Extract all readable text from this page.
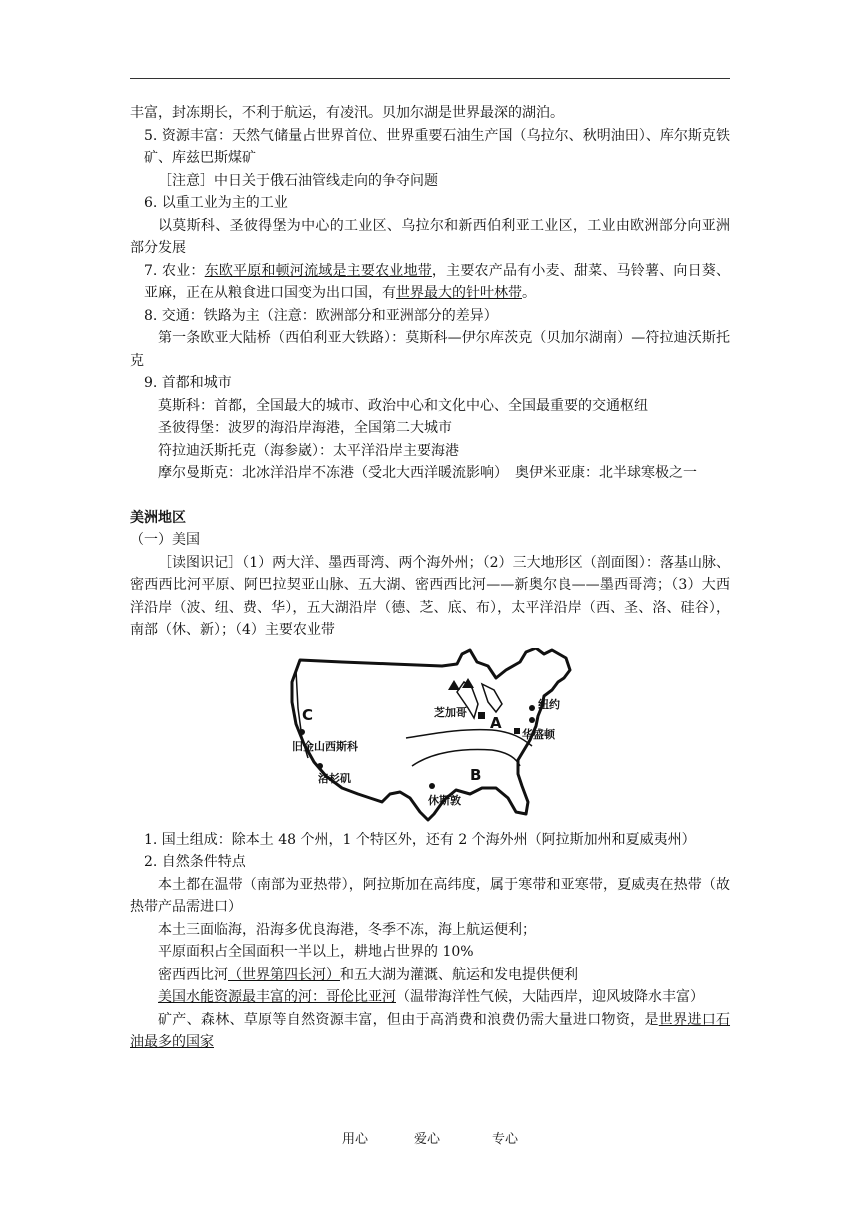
丰富，封冻期长，不利于航运，有凌汛。贝加尔湖是世界最深的湖泊。

5. 资源丰富：天然气储量占世界首位、世界重要石油生产国（乌拉尔、秋明油田）、库尔斯克铁矿、库兹巴斯煤矿

［注意］中日关于俄石油管线走向的争夺问题

6. 以重工业为主的工业

以莫斯科、圣彼得堡为中心的工业区、乌拉尔和新西伯利亚工业区，工业由欧洲部分向亚洲部分发展

7. 农业：东欧平原和顿河流域是主要农业地带，主要农产品有小麦、甜菜、马铃薯、向日葵、亚麻，正在从粮食进口国变为出口国，有世界最大的针叶林带。

8. 交通：铁路为主（注意：欧洲部分和亚洲部分的差异）

第一条欧亚大陆桥（西伯利亚大铁路）：莫斯科—伊尔库茨克（贝加尔湖南）—符拉迪沃斯托克

9. 首都和城市

莫斯科：首都，全国最大的城市、政治中心和文化中心、全国最重要的交通枢纽

圣彼得堡：波罗的海沿岸海港，全国第二大城市

符拉迪沃斯托克（海参崴）：太平洋沿岸主要海港

摩尔曼斯克：北冰洋沿岸不冻港（受北大西洋暖流影响）　奥伊米亚康：北半球寒极之一

美洲地区

（一）美国

［读图识记］（1）两大洋、墨西哥湾、两个海外州；（2）三大地形区（剖面图）：落基山脉、密西西比河平原、阿巴拉契亚山脉、五大湖、密西西比河——新奥尔良——墨西哥湾；（3）大西洋沿岸（波、纽、费、华），五大湖沿岸（德、芝、底、布），太平洋沿岸（西、圣、洛、硅谷），南部（休、新）；（4）主要农业带

C	A
B
芝加哥
纽约
华盛顿
旧金山西斯科
洛杉矶
休斯敦

1. 国土组成：除本土 48 个州，1 个特区外，还有 2 个海外州（阿拉斯加州和夏威夷州）

2. 自然条件特点

本土都在温带（南部为亚热带），阿拉斯加在高纬度，属于寒带和亚寒带，夏威夷在热带（故热带产品需进口）

本土三面临海，沿海多优良海港，冬季不冻，海上航运便利；

平原面积占全国面积一半以上，耕地占世界的 10%

密西西比河（世界第四长河）和五大湖为灌溉、航运和发电提供便利

美国水能资源最丰富的河：哥伦比亚河（温带海洋性气候，大陆西岸，迎风坡降水丰富）

矿产、森林、草原等自然资源丰富，但由于高消费和浪费仍需大量进口物资，是世界进口石油最多的国家

用心	爱心	专心
